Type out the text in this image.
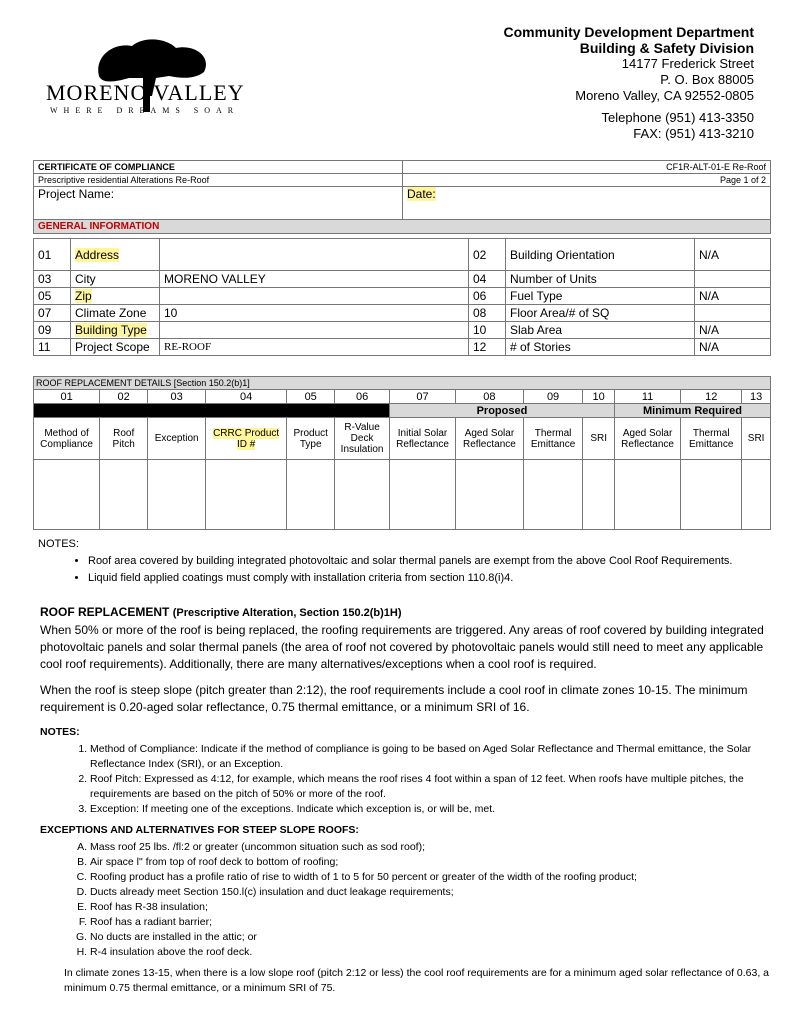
MORENO VALLEY
WHERE DREAMS SOAR
Community Development Department
Building & Safety Division
14177 Frederick Street
P. O. Box 88005
Moreno Valley, CA 92552-0805
Telephone (951) 413-3350
FAX: (951) 413-3210
CERTIFICATE OF COMPLIANCE	CF1R-ALT-01-E Re-Roof
Prescriptive residential Alterations Re-Roof	Page 1 of 2
Project Name:	Date:
GENERAL INFORMATION	
01	Address		02	Building Orientation	N/A
03	City	MORENO VALLEY	04	Number of Units	
05	Zip		06	Fuel Type	N/A
07	Climate Zone	10	08	Floor Area/# of SQ	
09	Building Type		10	Slab Area	N/A
11	Project Scope	RE-ROOF	12	# of Stories	N/A
ROOF REPLACEMENT DETAILS [Section 150.2(b)1]												
01	02	03	04	05	06	07	08	09	10	11	12	13
						Proposed				Minimum Required		
Method of Compliance	Roof Pitch	Exception	CRRC Product ID #	Product Type	R-Value Deck Insulation	Initial Solar Reflectance	Aged Solar Reflectance	Thermal Emittance	SRI	Aged Solar Reflectance	Thermal Emittance	SRI

NOTES:
• Roof area covered by building integrated photovoltaic and solar thermal panels are exempt from the above Cool Roof Requirements.
• Liquid field applied coatings must comply with installation criteria from section 110.8(i)4.
ROOF REPLACEMENT (Prescriptive Alteration, Section 150.2(b)1H)

When 50% or more of the roof is being replaced, the roofing requirements are triggered. Any areas of roof covered by building integrated photovoltaic panels and solar thermal panels (the area of roof not covered by photovoltaic panels would still need to meet any applicable cool roof requirements). Additionally, there are many alternatives/exceptions when a cool roof is required.

When the roof is steep slope (pitch greater than 2:12), the roof requirements include a cool roof in climate zones 10-15. The minimum requirement is 0.20-aged solar reflectance, 0.75 thermal emittance, or a minimum SRI of 16.

NOTES:
1. Method of Compliance: Indicate if the method of compliance is going to be based on Aged Solar Reflectance and Thermal emittance, the Solar Reflectance Index (SRI), or an Exception.
2. Roof Pitch: Expressed as 4:12, for example, which means the roof rises 4 foot within a span of 12 feet. When roofs have multiple pitches, the requirements are based on the pitch of 50% or more of the roof.
3. Exception: If meeting one of the exceptions. Indicate which exception is, or will be, met.
EXCEPTIONS AND ALTERNATIVES FOR STEEP SLOPE ROOFS:
A. Mass roof 25 lbs. /fl:2 or greater (uncommon situation such as sod roof);
B. Air space l" from top of roof deck to bottom of roofing;
C. Roofing product has a profile ratio of rise to width of 1 to 5 for 50 percent or greater of the width of the roofing product;
D. Ducts already meet Section 150.l(c) insulation and duct leakage requirements;
E. Roof has R-38 insulation;
F. Roof has a radiant barrier;
G. No ducts are installed in the attic; or
H. R-4 insulation above the roof deck.
In climate zones 13-15, when there is a low slope roof (pitch 2:12 or less) the cool roof requirements are for a minimum aged solar reflectance of 0.63, a minimum 0.75 thermal emittance, or a minimum SRI of 75.
